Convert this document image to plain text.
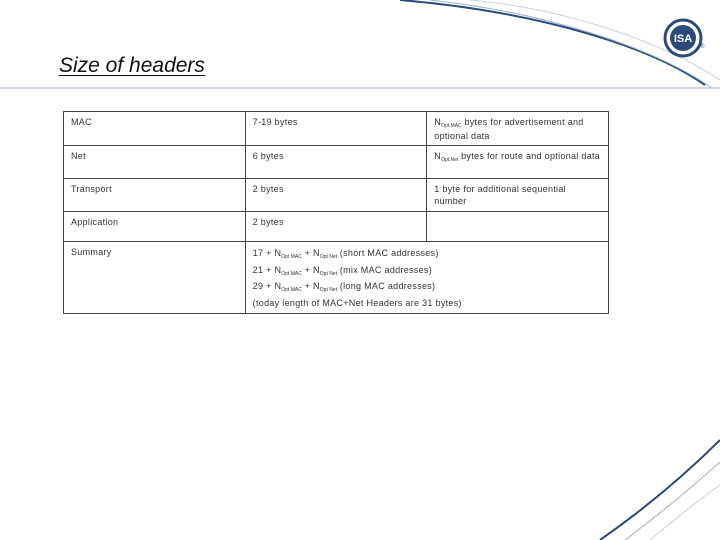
ISA
®
Size of headers
MAC	7-19 bytes	$N_{Opt.MAC}$ bytes for advertisement and optional data
Net	6 bytes	$N_{Opt.Net}$ bytes for route and optional data
Transport	2 bytes	1 byte for additional sequential number
Application	2 bytes	
Summary	$17 + N_{Opt MAC} + N_{Opt Net}$ (short MAC addresses)
$21 + N_{Opt MAC} + N_{Opt Net}$ (mix MAC addresses)
$29 + N_{Opt MAC} + N_{Opt Net}$ (long MAC addresses)
(today length of MAC+Net Headers are 31 bytes)	
